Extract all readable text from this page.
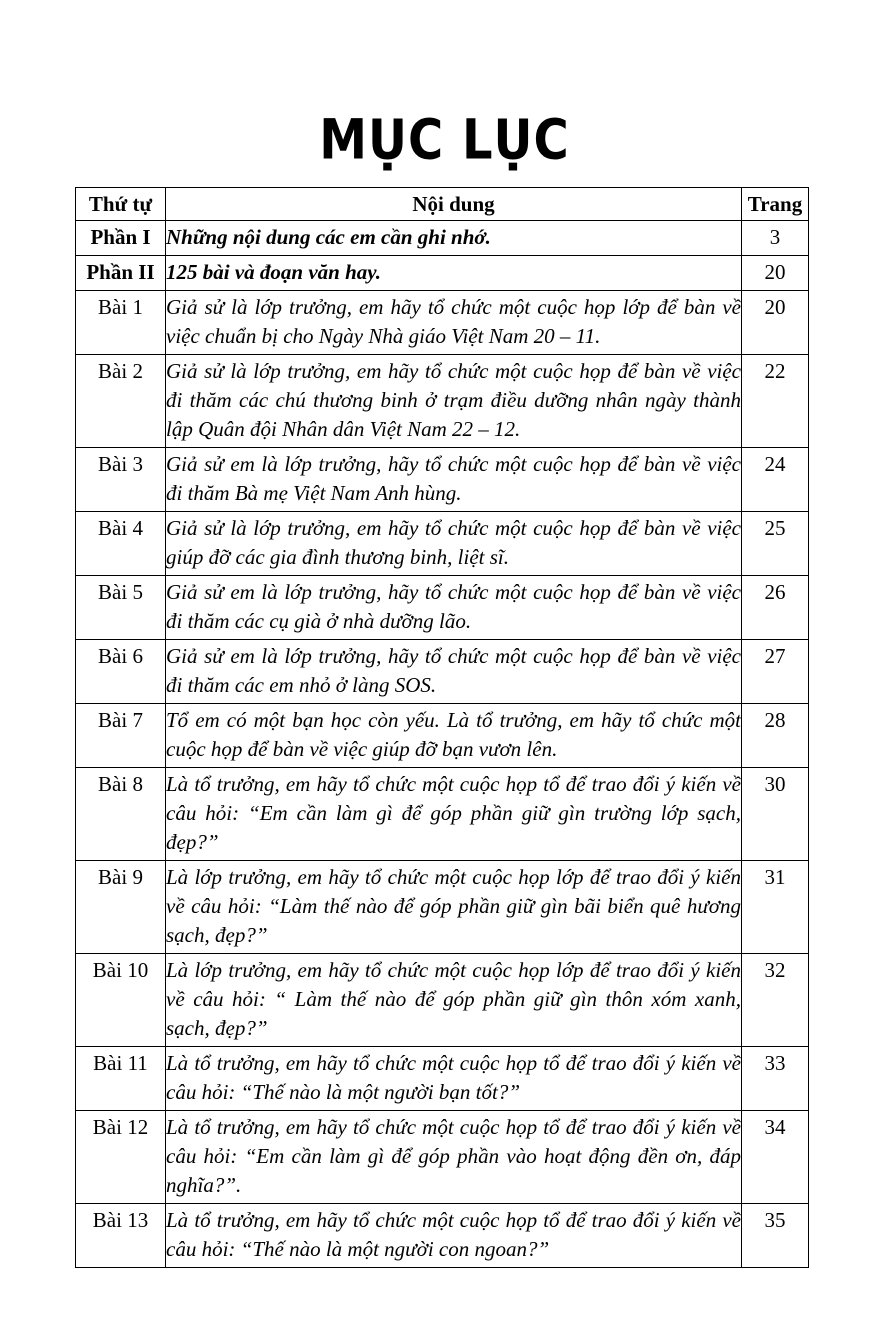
MỤC LỤC
Thứ tự	Nội dung	Trang
Phần I	Những nội dung các em cần ghi nhớ.	3
Phần II	125 bài và đoạn văn hay.	20
Bài 1	Giả sử là lớp trưởng, em hãy tổ chức một cuộc họp lớp để bàn về việc chuẩn bị cho Ngày Nhà giáo Việt Nam 20 – 11.	20
Bài 2	Giả sử là lớp trưởng, em hãy tổ chức một cuộc họp để bàn về việc đi thăm các chú thương binh ở trạm điều dưỡng nhân ngày thành lập Quân đội Nhân dân Việt Nam 22 – 12.	22
Bài 3	Giả sử em là lớp trưởng, hãy tổ chức một cuộc họp để bàn về việc đi thăm Bà mẹ Việt Nam Anh hùng.	24
Bài 4	Giả sử là lớp trưởng, em hãy tổ chức một cuộc họp để bàn về việc giúp đỡ các gia đình thương binh, liệt sĩ.	25
Bài 5	Giả sử em là lớp trưởng, hãy tổ chức một cuộc họp để bàn về việc đi thăm các cụ già ở nhà dưỡng lão.	26
Bài 6	Giả sử em là lớp trưởng, hãy tổ chức một cuộc họp để bàn về việc đi thăm các em nhỏ ở làng SOS.	27
Bài 7	Tổ em có một bạn học còn yếu. Là tổ trưởng, em hãy tổ chức một cuộc họp để bàn về việc giúp đỡ bạn vươn lên.	28
Bài 8	Là tổ trưởng, em hãy tổ chức một cuộc họp tổ để trao đổi ý kiến về câu hỏi: “Em cần làm gì để góp phần giữ gìn trường lớp sạch, đẹp?”	30
Bài 9	Là lớp trưởng, em hãy tổ chức một cuộc họp lớp để trao đổi ý kiến về câu hỏi: “Làm thế nào để góp phần giữ gìn bãi biển quê hương sạch, đẹp?”	31
Bài 10	Là lớp trưởng, em hãy tổ chức một cuộc họp lớp để trao đổi ý kiến về câu hỏi: “ Làm thế nào để góp phần giữ gìn thôn xóm xanh, sạch, đẹp?”	32
Bài 11	Là tổ trưởng, em hãy tổ chức một cuộc họp tổ để trao đổi ý kiến về câu hỏi: “Thế nào là một người bạn tốt?”	33
Bài 12	Là tổ trưởng, em hãy tổ chức một cuộc họp tổ để trao đổi ý kiến về câu hỏi: “Em cần làm gì để góp phần vào hoạt động đền ơn, đáp nghĩa?”.	34
Bài 13	Là tổ trưởng, em hãy tổ chức một cuộc họp tổ để trao đổi ý kiến về câu hỏi: “Thế nào là một người con ngoan?”	35
